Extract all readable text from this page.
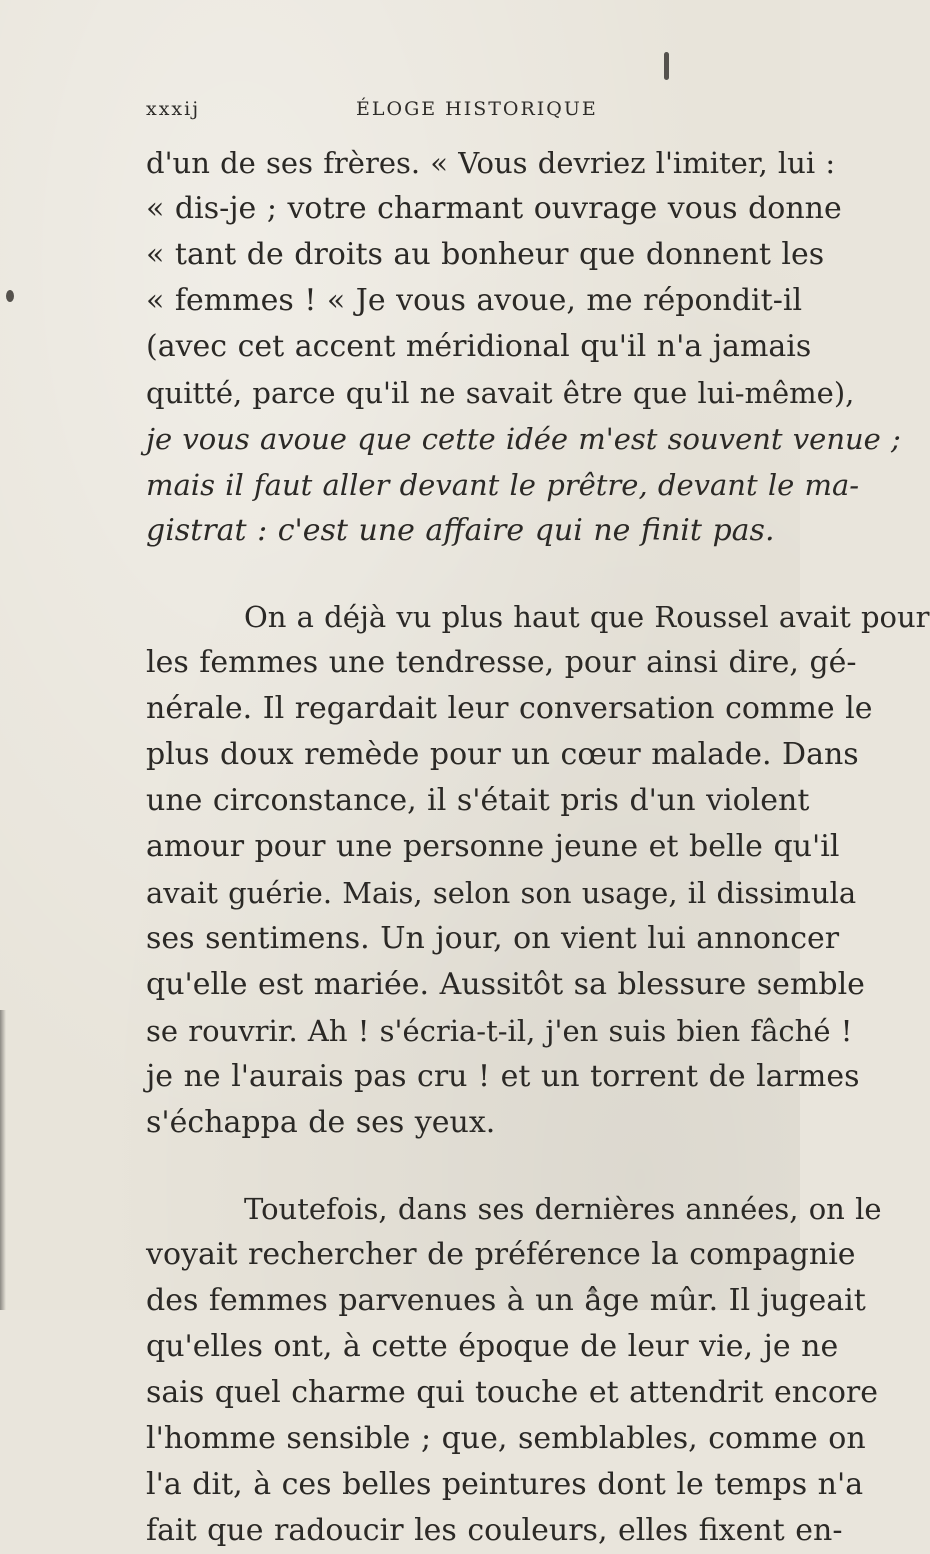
xxxij	ÉLOGE HISTORIQUE
d'un de ses frères. « Vous devriez l'imiter, lui :
« dis-je ; votre charmant ouvrage vous donne
« tant de droits au bonheur que donnent les
« femmes ! « Je vous avoue, me répondit-il
(avec cet accent méridional qu'il n'a jamais
quitté, parce qu'il ne savait être que lui-même),
je vous avoue que cette idée m'est souvent venue ;
mais il faut aller devant le prêtre, devant le ma-
gistrat : c'est une affaire qui ne finit pas.
On a déjà vu plus haut que Roussel avait pour
les femmes une tendresse, pour ainsi dire, gé-
nérale. Il regardait leur conversation comme le
plus doux remède pour un cœur malade. Dans
une circonstance, il s'était pris d'un violent
amour pour une personne jeune et belle qu'il
avait guérie. Mais, selon son usage, il dissimula
ses sentimens. Un jour, on vient lui annoncer
qu'elle est mariée. Aussitôt sa blessure semble
se rouvrir. Ah ! s'écria-t-il, j'en suis bien fâché !
je ne l'aurais pas cru ! et un torrent de larmes
s'échappa de ses yeux.
Toutefois, dans ses dernières années, on le
voyait rechercher de préférence la compagnie
des femmes parvenues à un âge mûr. Il jugeait
qu'elles ont, à cette époque de leur vie, je ne
sais quel charme qui touche et attendrit encore
l'homme sensible ; que, semblables, comme on
l'a dit, à ces belles peintures dont le temps n'a
fait que radoucir les couleurs, elles fixent en-
